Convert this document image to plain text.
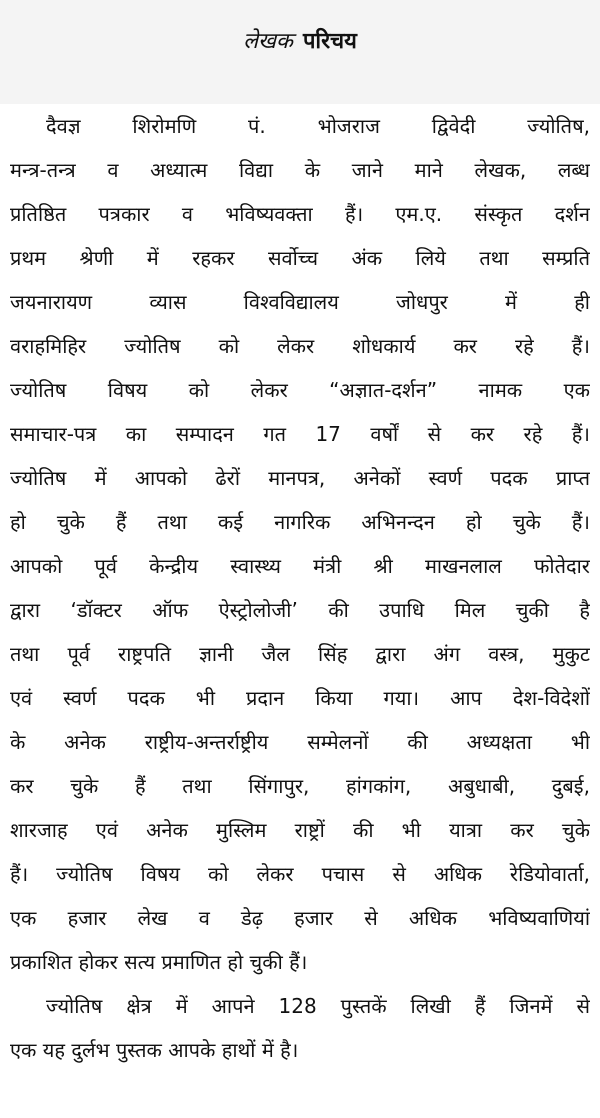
लेखक परिचय
दैवज्ञ शिरोमणि पं. भोजराज द्विवेदी ज्योतिष,
मन्त्र-तन्त्र व अध्यात्म विद्या के जाने माने लेखक, लब्ध
प्रतिष्ठित पत्रकार व भविष्यवक्ता हैं। एम.ए. संस्कृत दर्शन
प्रथम श्रेणी में रहकर सर्वोच्च अंक लिये तथा सम्प्रति
जयनारायण व्यास विश्वविद्यालय जोधपुर में ही
वराहमिहिर ज्योतिष को लेकर शोधकार्य कर रहे हैं।
ज्योतिष विषय को लेकर “अज्ञात-दर्शन” नामक एक
समाचार-पत्र का सम्पादन गत 17 वर्षों से कर रहे हैं।
ज्योतिष में आपको ढेरों मानपत्र, अनेकों स्वर्ण पदक प्राप्त
हो चुके हैं तथा कई नागरिक अभिनन्दन हो चुके हैं।
आपको पूर्व केन्द्रीय स्वास्थ्य मंत्री श्री माखनलाल फोतेदार
द्वारा ‘डॉक्टर ऑफ ऐस्ट्रोलोजी’ की उपाधि मिल चुकी है
तथा पूर्व राष्ट्रपति ज्ञानी जैल सिंह द्वारा अंग वस्त्र, मुकुट
एवं स्वर्ण पदक भी प्रदान किया गया। आप देश-विदेशों
के अनेक राष्ट्रीय-अन्तर्राष्ट्रीय सम्मेलनों की अध्यक्षता भी
कर चुके हैं तथा सिंगापुर, हांगकांग, अबुधाबी, दुबई,
शारजाह एवं अनेक मुस्लिम राष्ट्रों की भी यात्रा कर चुके
हैं। ज्योतिष विषय को लेकर पचास से अधिक रेडियोवार्ता,
एक हजार लेख व डेढ़ हजार से अधिक भविष्यवाणियां
प्रकाशित होकर सत्य प्रमाणित हो चुकी हैं।
ज्योतिष क्षेत्र में आपने 128 पुस्तकें लिखी हैं जिनमें से
एक यह दुर्लभ पुस्तक आपके हाथों में है।
